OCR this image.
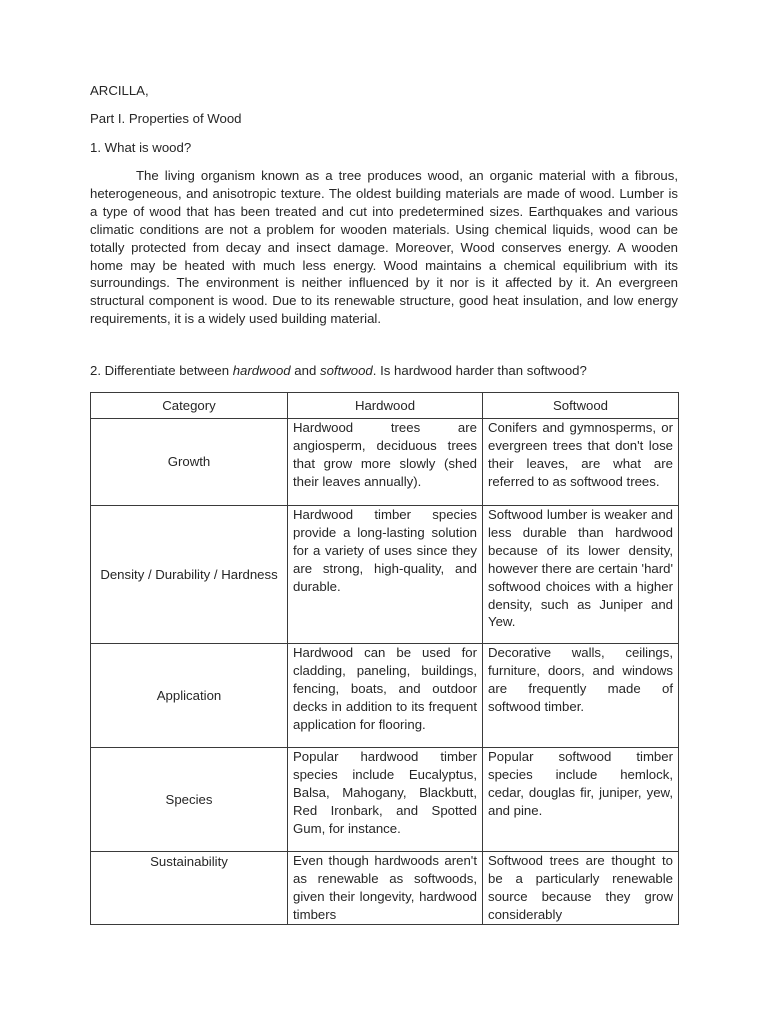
ARCILLA,
Part I. Properties of Wood
1. What is wood?

The living organism known as a tree produces wood, an organic material with a fibrous, heterogeneous, and anisotropic texture. The oldest building materials are made of wood. Lumber is a type of wood that has been treated and cut into predetermined sizes. Earthquakes and various climatic conditions are not a problem for wooden materials. Using chemical liquids, wood can be totally protected from decay and insect damage. Moreover, Wood conserves energy. A wooden home may be heated with much less energy. Wood maintains a chemical equilibrium with its surroundings. The environment is neither influenced by it nor is it affected by it. An evergreen structural component is wood. Due to its renewable structure, good heat insulation, and low energy requirements, it is a widely used building material.

2. Differentiate between hardwood and softwood. Is hardwood harder than softwood?
Category	Hardwood	Softwood
Growth	Hardwood trees are angiosperm, deciduous trees that grow more slowly (shed their leaves annually).	Conifers and gymnosperms, or evergreen trees that don't lose their leaves, are what are referred to as softwood trees.
Density / Durability / Hardness	Hardwood timber species provide a long-lasting solution for a variety of uses since they are strong, high-quality, and durable.	Softwood lumber is weaker and less durable than hardwood because of its lower density, however there are certain 'hard' softwood choices with a higher density, such as Juniper and Yew.
Application	Hardwood can be used for cladding, paneling, buildings, fencing, boats, and outdoor decks in addition to its frequent application for flooring.	Decorative walls, ceilings, furniture, doors, and windows are frequently made of softwood timber.
Species	Popular hardwood timber species include Eucalyptus, Balsa, Mahogany, Blackbutt, Red Ironbark, and Spotted Gum, for instance.	Popular softwood timber species include hemlock, cedar, douglas fir, juniper, yew, and pine.
Sustainability	Even though hardwoods aren't as renewable as softwoods, given their longevity, hardwood timbers	Softwood trees are thought to be a particularly renewable source because they grow considerably
